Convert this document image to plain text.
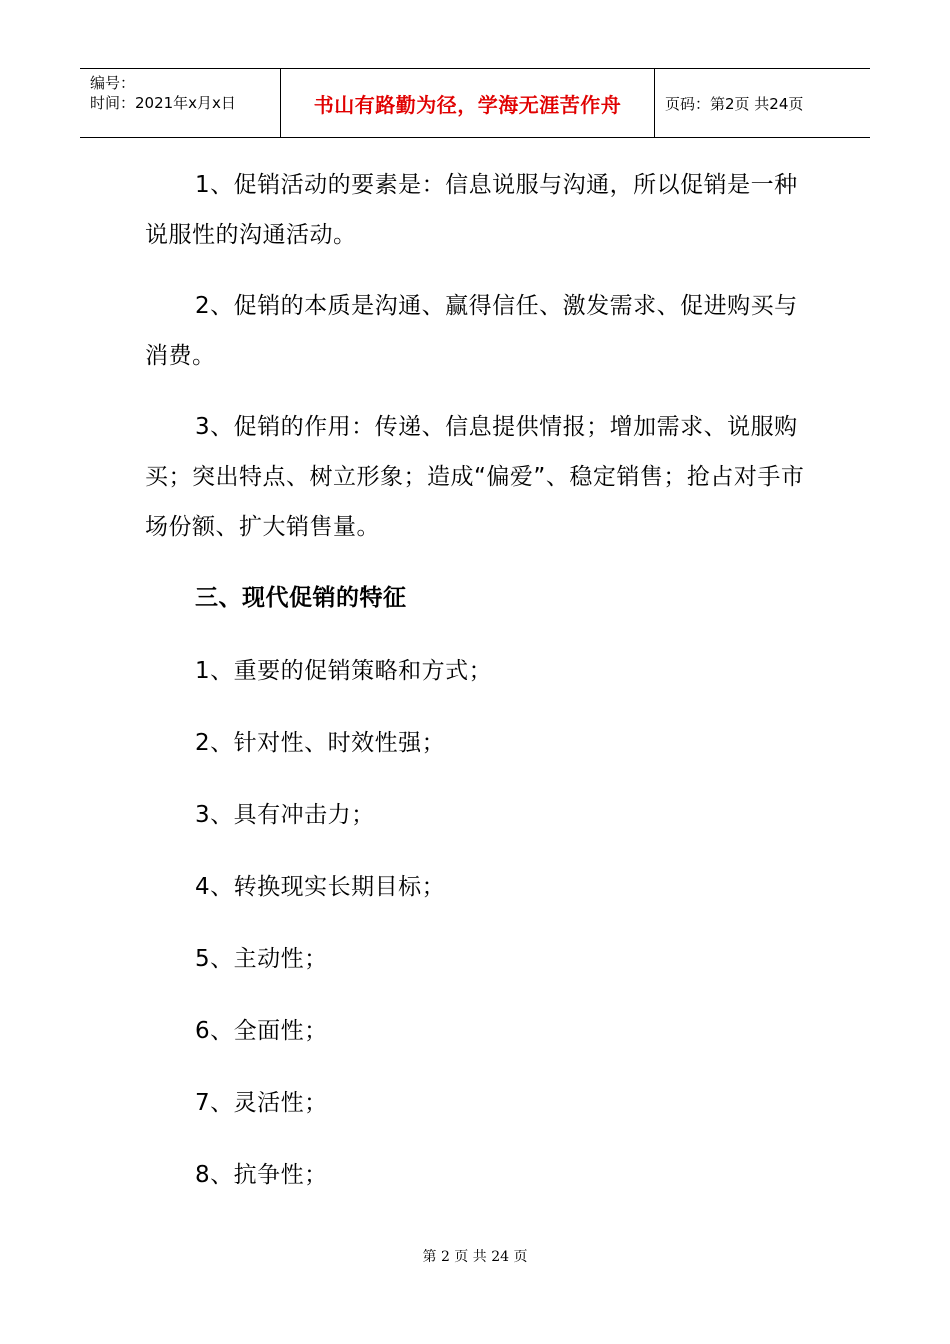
编号：
时间：2021年x月x日	书山有路勤为径，学海无涯苦作舟	页码：第2页 共24页

1、促销活动的要素是：信息说服与沟通，所以促销是一种说服性的沟通活动。

2、促销的本质是沟通、赢得信任、激发需求、促进购买与消费。

3、促销的作用：传递、信息提供情报；增加需求、说服购买；突出特点、树立形象；造成“偏爱”、稳定销售；抢占对手市场份额、扩大销售量。

三、现代促销的特征
1、重要的促销策略和方式；
2、针对性、时效性强；
3、具有冲击力；
4、转换现实长期目标；
5、主动性；
6、全面性；
7、灵活性；
8、抗争性；
第 2 页 共 24 页
